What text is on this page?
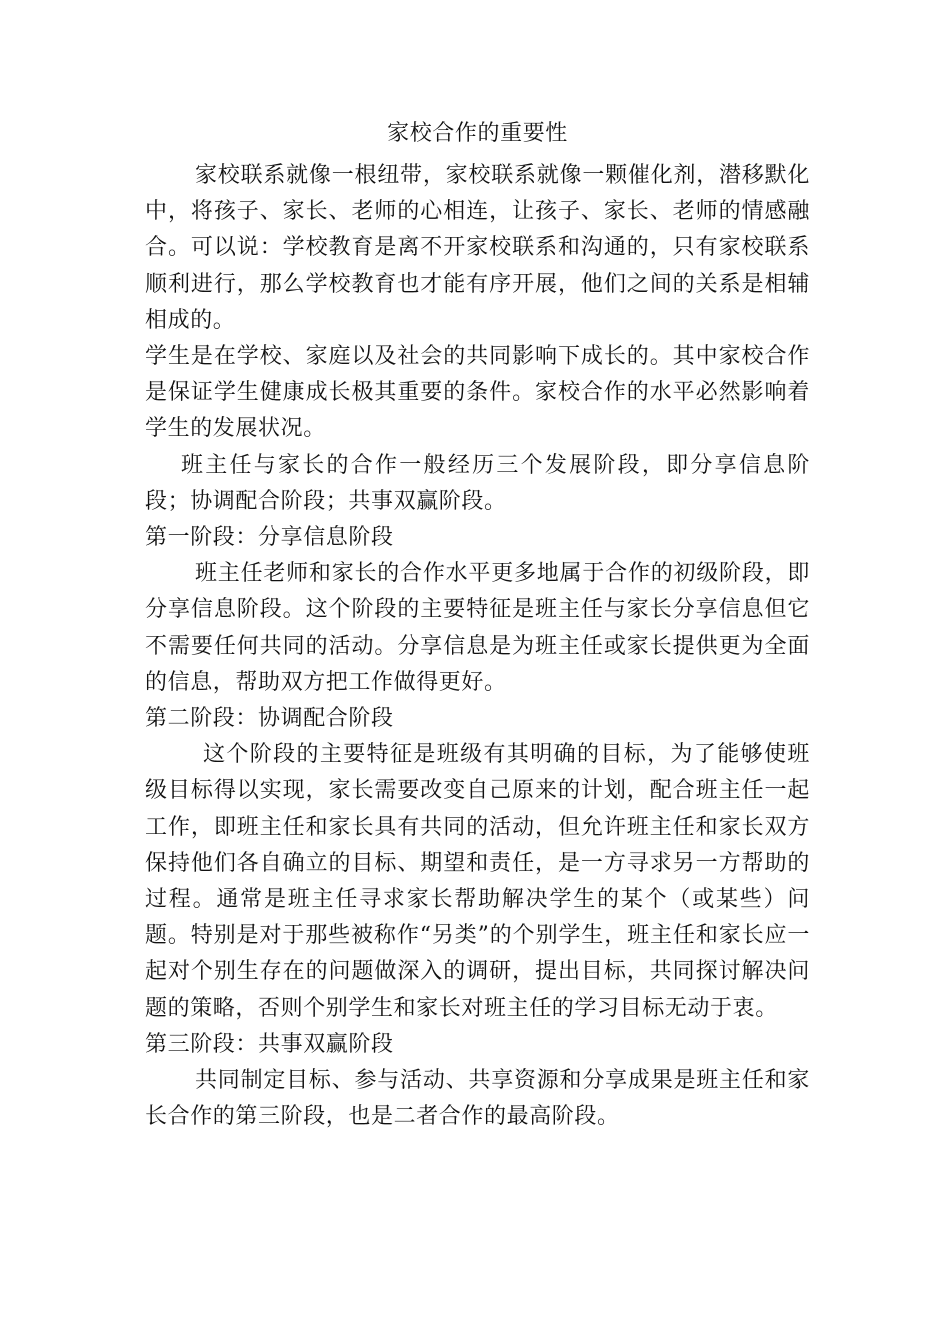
家校合作的重要性

家校联系就像一根纽带，家校联系就像一颗催化剂，潜移默化中，将孩子、家长、老师的心相连，让孩子、家长、老师的情感融合。可以说：学校教育是离不开家校联系和沟通的，只有家校联系顺利进行，那么学校教育也才能有序开展，他们之间的关系是相辅相成的。

学生是在学校、家庭以及社会的共同影响下成长的。其中家校合作是保证学生健康成长极其重要的条件。家校合作的水平必然影响着学生的发展状况。

班主任与家长的合作一般经历三个发展阶段，即分享信息阶段；协调配合阶段；共事双赢阶段。

第一阶段：分享信息阶段

班主任老师和家长的合作水平更多地属于合作的初级阶段，即分享信息阶段。这个阶段的主要特征是班主任与家长分享信息但它不需要任何共同的活动。分享信息是为班主任或家长提供更为全面的信息，帮助双方把工作做得更好。

第二阶段：协调配合阶段

这个阶段的主要特征是班级有其明确的目标，为了能够使班级目标得以实现，家长需要改变自己原来的计划，配合班主任一起工作，即班主任和家长具有共同的活动，但允许班主任和家长双方保持他们各自确立的目标、期望和责任，是一方寻求另一方帮助的过程。通常是班主任寻求家长帮助解决学生的某个（或某些）问题。特别是对于那些被称作“另类”的个别学生，班主任和家长应一起对个别生存在的问题做深入的调研，提出目标，共同探讨解决问题的策略，否则个别学生和家长对班主任的学习目标无动于衷。

第三阶段：共事双赢阶段

共同制定目标、参与活动、共享资源和分享成果是班主任和家长合作的第三阶段，也是二者合作的最高阶段。
